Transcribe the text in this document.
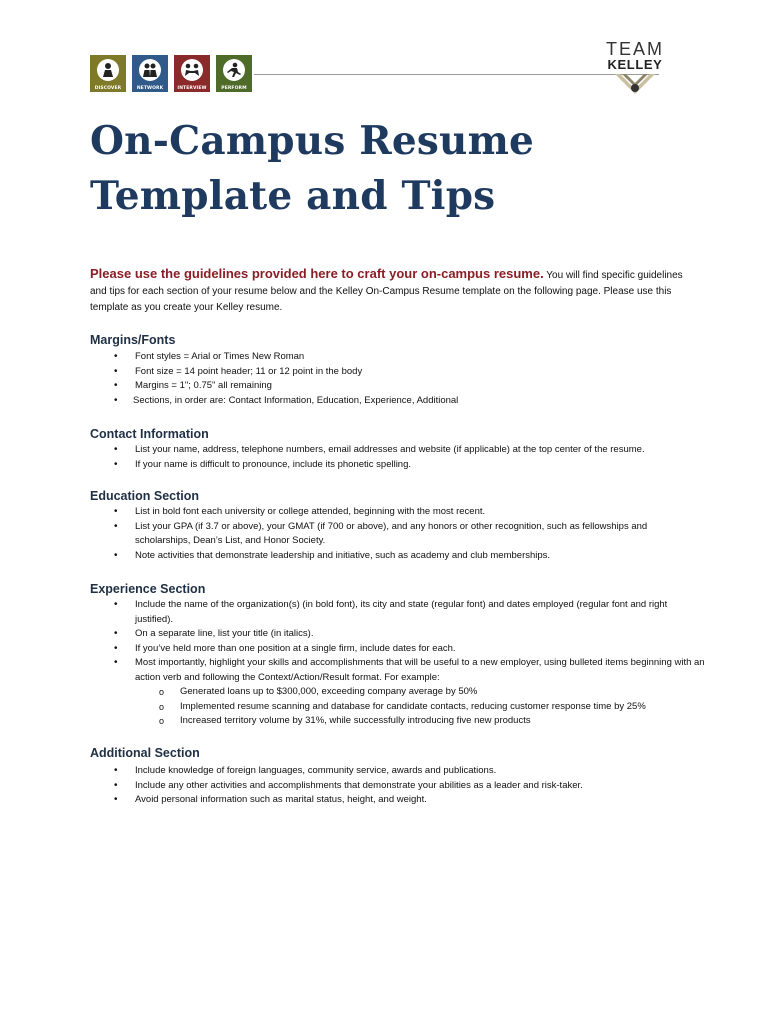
DISCOVER	NETWORK	INTERVIEW	PERFORM
TEAM
KELLEY
On-Campus Resume
Template and Tips
Please use the guidelines provided here to craft your on-campus resume. You will find specific guidelines and tips for each section of your resume below and the Kelley On-Campus Resume template on the following page. Please use this template as you create your Kelley resume.
Margins/Fonts
• Font styles = Arial or Times New Roman
• Font size = 14 point header; 11 or 12 point in the body
• Margins = 1"; 0.75" all remaining
• Sections, in order are: Contact Information, Education, Experience, Additional
Contact Information
• List your name, address, telephone numbers, email addresses and website (if applicable) at the top center of the resume.
• If your name is difficult to pronounce, include its phonetic spelling.
Education Section
• List in bold font each university or college attended, beginning with the most recent.
• List your GPA (if 3.7 or above), your GMAT (if 700 or above), and any honors or other recognition, such as fellowships and scholarships, Dean’s List, and Honor Society.
• Note activities that demonstrate leadership and initiative, such as academy and club memberships.
Experience Section
• Include the name of the organization(s) (in bold font), its city and state (regular font) and dates employed (regular font and right justified).
• On a separate line, list your title (in italics).
• If you’ve held more than one position at a single firm, include dates for each.
• Most importantly, highlight your skills and accomplishments that will be useful to a new employer, using bulleted items beginning with an action verb and following the Context/Action/Result format. For example:
o Generated loans up to $300,000, exceeding company average by 50%
o Implemented resume scanning and database for candidate contacts, reducing customer response time by 25%
o Increased territory volume by 31%, while successfully introducing five new products
Additional Section
• Include knowledge of foreign languages, community service, awards and publications.
• Include any other activities and accomplishments that demonstrate your abilities as a leader and risk-taker.
• Avoid personal information such as marital status, height, and weight.
